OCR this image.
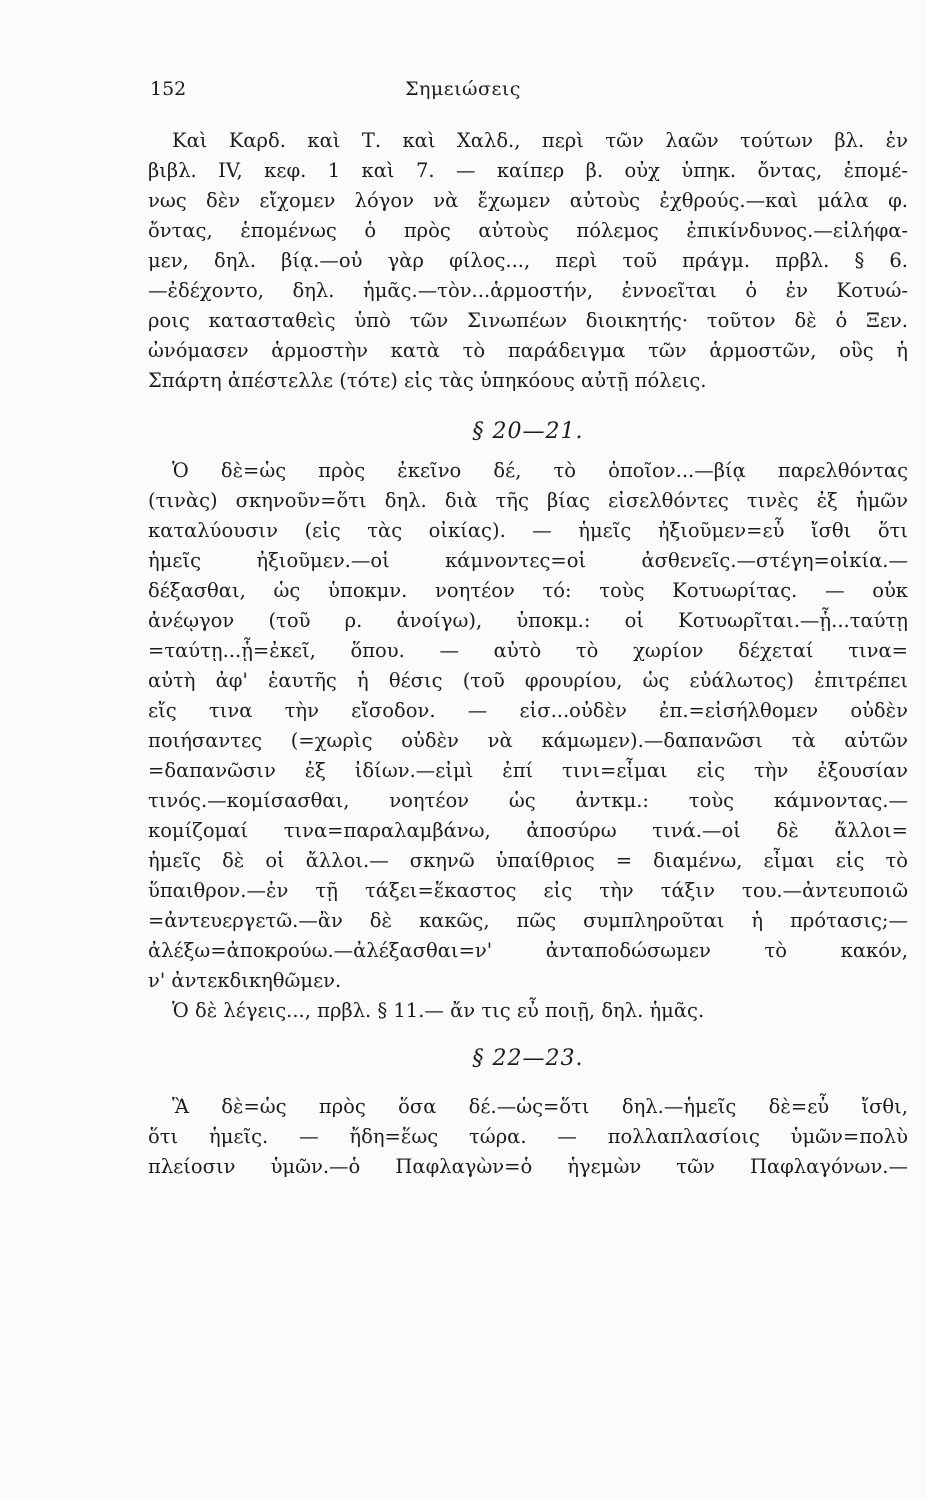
152	Σημειώσεις
Καὶ Καρδ. καὶ Τ. καὶ Χαλδ., περὶ τῶν λαῶν τούτων βλ. ἐν
βιβλ. IV, κεφ. 1 καὶ 7. — καίπερ β. οὐχ ὑπηκ. ὄντας, ἑπομέ-
νως δὲν εἴχομεν λόγον νὰ ἔχωμεν αὐτοὺς ἐχθρούς.—καὶ μάλα φ.
ὄντας, ἑπομένως ὁ πρὸς αὐτοὺς πόλεμος ἐπικίνδυνος.—εἰλήφα-
μεν, δηλ. βίᾳ.—οὐ γὰρ φίλος..., περὶ τοῦ πράγμ. πρβλ. § 6.
—ἐδέχοντο, δηλ. ἡμᾶς.—τὸν...ἁρμοστήν, ἐννοεῖται ὁ ἐν Κοτυώ-
ροις κατασταθεὶς ὑπὸ τῶν Σινωπέων διοικητής· τοῦτον δὲ ὁ Ξεν.
ὠνόμασεν ἁρμοστὴν κατὰ τὸ παράδειγμα τῶν ἁρμοστῶν, οὓς ἡ
Σπάρτη ἀπέστελλε (τότε) εἰς τὰς ὑπηκόους αὐτῇ πόλεις.
§ 20—21.
Ὁ δὲ=ὡς πρὸς ἐκεῖνο δέ, τὸ ὁποῖον...—βίᾳ παρελθόντας
(τινὰς) σκηνοῦν=ὅτι δηλ. διὰ τῆς βίας εἰσελθόντες τινὲς ἐξ ἡμῶν
καταλύουσιν (εἰς τὰς οἰκίας). — ἡμεῖς ἠξιοῦμεν=εὖ ἴσθι ὅτι
ἡμεῖς ἠξιοῦμεν.—οἱ κάμνοντες=οἱ ἀσθενεῖς.—στέγη=οἰκία.—
δέξασθαι, ὡς ὑποκμν. νοητέον τό: τοὺς Κοτυωρίτας. — οὐκ
ἀνέῳγον (τοῦ ρ. ἀνοίγω), ὑποκμ.: οἱ Κοτυωρῖται.—ᾗ...ταύτῃ
=ταύτῃ...ᾗ=ἐκεῖ, ὅπου. — αὐτὸ τὸ χωρίον δέχεταί τινα=
αὐτὴ ἀφ' ἑαυτῆς ἡ θέσις (τοῦ φρουρίου, ὡς εὐάλωτος) ἐπιτρέπει
εἴς τινα τὴν εἴσοδον. — εἰσ...οὐδὲν ἐπ.=εἰσήλθομεν οὐδὲν
ποιήσαντες (=χωρὶς οὐδὲν νὰ κάμωμεν).—δαπανῶσι τὰ αὑτῶν
=δαπανῶσιν ἐξ ἰδίων.—εἰμὶ ἐπί τινι=εἶμαι εἰς τὴν ἐξουσίαν
τινός.—κομίσασθαι, νοητέον ὡς ἀντκμ.: τοὺς κάμνοντας.—
κομίζομαί τινα=παραλαμβάνω, ἀποσύρω τινά.—οἱ δὲ ἄλλοι=
ἡμεῖς δὲ οἱ ἄλλοι.— σκηνῶ ὑπαίθριος = διαμένω, εἶμαι εἰς τὸ
ὕπαιθρον.—ἐν τῇ τάξει=ἕκαστος εἰς τὴν τάξιν του.—ἀντευποιῶ
=ἀντευεργετῶ.—ἂν δὲ κακῶς, πῶς συμπληροῦται ἡ πρότασις;—
ἀλέξω=ἀποκρούω.—ἀλέξασθαι=ν' ἀνταποδώσωμεν τὸ κακόν,
ν' ἀντεκδικηθῶμεν.
Ὁ δὲ λέγεις..., πρβλ. § 11.— ἄν τις εὖ ποιῇ, δηλ. ἡμᾶς.
§ 22—23.
Ἃ δὲ=ὡς πρὸς ὅσα δέ.—ὡς=ὅτι δηλ.—ἡμεῖς δὲ=εὖ ἴσθι,
ὅτι ἡμεῖς. — ἤδη=ἕως τώρα. — πολλαπλασίοις ὑμῶν=πολὺ
πλείοσιν ὑμῶν.—ὁ Παφλαγὼν=ὁ ἡγεμὼν τῶν Παφλαγόνων.—
